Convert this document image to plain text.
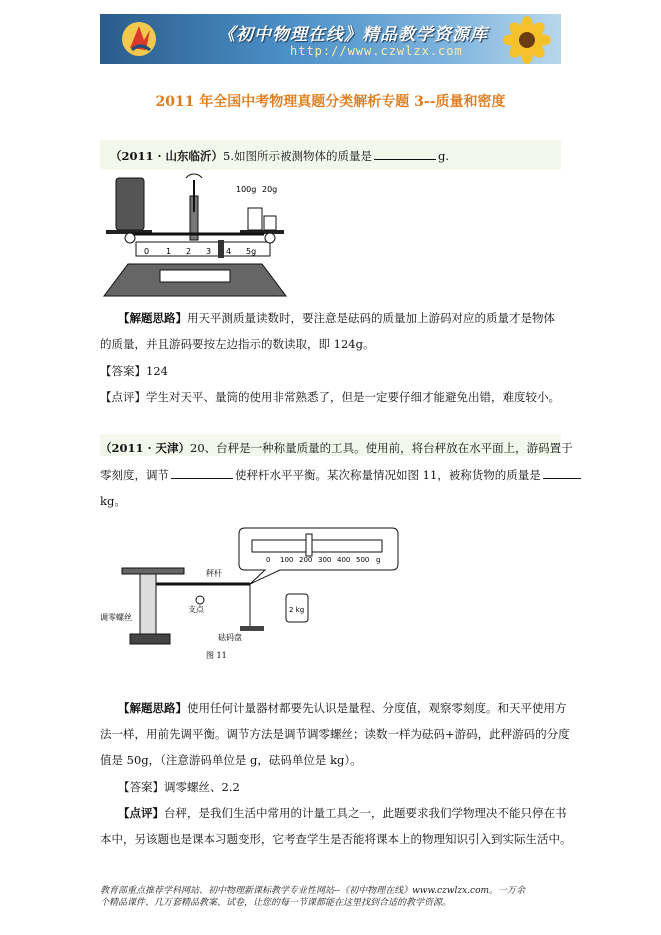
《初中物理在线》精品教学资源库
http://www.czwlzx.com
2011 年全国中考物理真题分类解析专题 3--质量和密度
（2011 · 山东临沂）5.如图所示被测物体的质量是	g.
100g 20g
0 1 2 3 4 5g
【解题思路】用天平测质量读数时，要注意是砝码的质量加上游码对应的质量才是物体
的质量，并且游码要按左边指示的数读取，即 124g。
【答案】124
【点评】学生对天平、量筒的使用非常熟悉了，但是一定要仔细才能避免出错，难度较小。
（2011 · 天津）20、台秤是一种称量质量的工具。使用前，将台秤放在水平面上，游码置于
零刻度，调节	使秤杆水平平衡。某次称量情况如图 11，被称货物的质量是
kg。
0 100 200 300 400 500 g
2 kg
秤杆
调零螺丝
支点
砝码盘
图 11
【解题思路】使用任何计量器材都要先认识是量程、分度值，观察零刻度。和天平使用方
法一样，用前先调平衡。调节方法是调节调零螺丝；读数一样为砝码+游码，此秤游码的分度
值是 50g，（注意游码单位是 g，砝码单位是 kg）。
【答案】调零螺丝、2.2
【点评】台秤，是我们生活中常用的计量工具之一，此题要求我们学物理决不能只停在书
本中，另该题也是课本习题变形，它考查学生是否能将课本上的物理知识引入到实际生活中。
教育部重点推荐学科网站、初中物理新课标教学专业性网站--《初中物理在线》www.czwlzx.com。一万余
个精品课件、几万套精品教案、试卷，让您的每一节课都能在这里找到合适的教学资源。
